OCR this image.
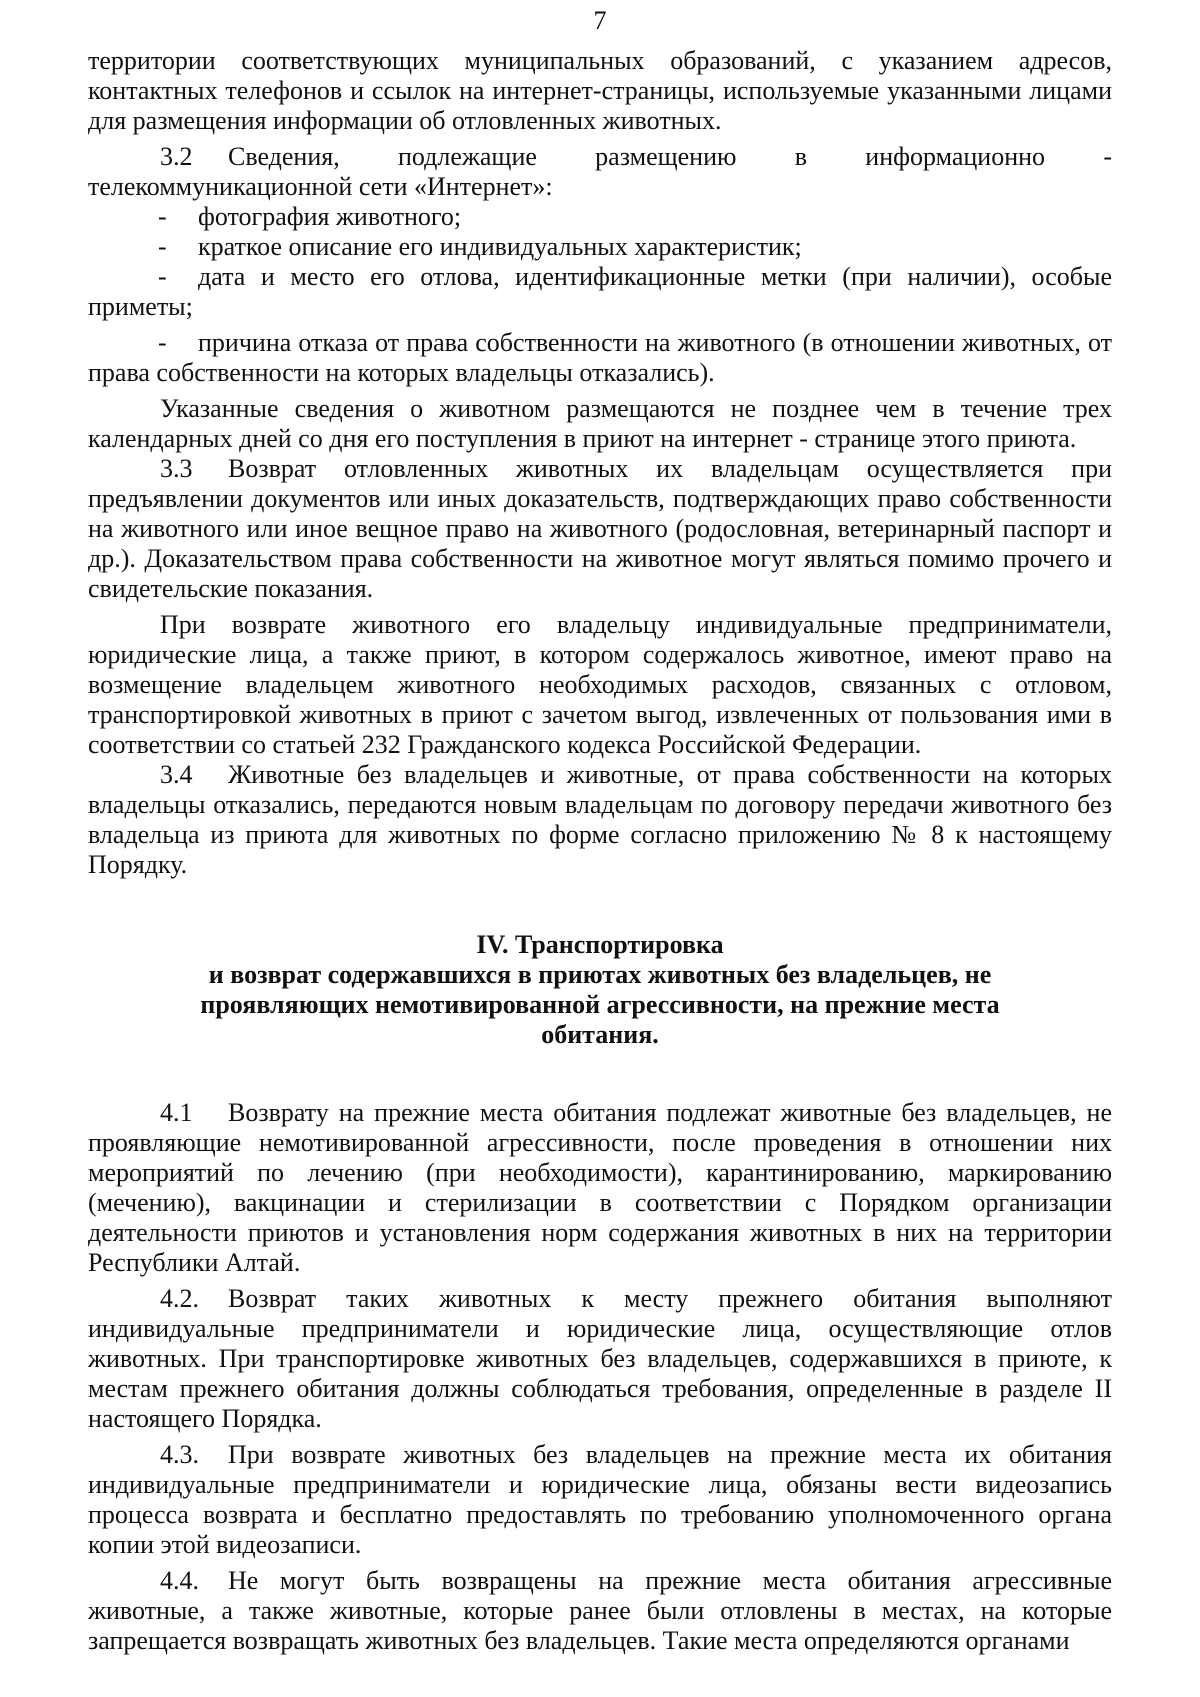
7

территории соответствующих муниципальных образований, с указанием адресов, контактных телефонов и ссылок на интернет-страницы, используемые указанными лицами для размещения информации об отловленных животных.

3.2 Сведения, подлежащие размещению в информационно - телекоммуникационной сети «Интернет»:

- фотография животного;

- краткое описание его индивидуальных характеристик;

- дата и место его отлова, идентификационные метки (при наличии), особые приметы;

- причина отказа от права собственности на животного (в отношении животных, от права собственности на которых владельцы отказались).

Указанные сведения о животном размещаются не позднее чем в течение трех календарных дней со дня его поступления в приют на интернет - странице этого приюта.

3.3 Возврат отловленных животных их владельцам осуществляется при предъявлении документов или иных доказательств, подтверждающих право собственности на животного или иное вещное право на животного (родословная, ветеринарный паспорт и др.). Доказательством права собственности на животное могут являться помимо прочего и свидетельские показания.

При возврате животного его владельцу индивидуальные предприниматели, юридические лица, а также приют, в котором содержалось животное, имеют право на возмещение владельцем животного необходимых расходов, связанных с отловом, транспортировкой животных в приют с зачетом выгод, извлеченных от пользования ими в соответствии со статьей 232 Гражданского кодекса Российской Федерации.

3.4 Животные без владельцев и животные, от права собственности на которых владельцы отказались, передаются новым владельцам по договору передачи животного без владельца из приюта для животных по форме согласно приложению № 8 к настоящему Порядку.

IV. Транспортировка

и возврат содержавшихся в приютах животных без владельцев, не

проявляющих немотивированной агрессивности, на прежние места

обитания.

4.1 Возврату на прежние места обитания подлежат животные без владельцев, не проявляющие немотивированной агрессивности, после проведения в отношении них мероприятий по лечению (при необходимости), карантинированию, маркированию (мечению), вакцинации и стерилизации в соответствии с Порядком организации деятельности приютов и установления норм содержания животных в них на территории Республики Алтай.

4.2. Возврат таких животных к месту прежнего обитания выполняют индивидуальные предприниматели и юридические лица, осуществляющие отлов животных. При транспортировке животных без владельцев, содержавшихся в приюте, к местам прежнего обитания должны соблюдаться требования, определенные в разделе II настоящего Порядка.

4.3. При возврате животных без владельцев на прежние места их обитания индивидуальные предприниматели и юридические лица, обязаны вести видеозапись процесса возврата и бесплатно предоставлять по требованию уполномоченного органа копии этой видеозаписи.

4.4. Не могут быть возвращены на прежние места обитания агрессивные животные, а также животные, которые ранее были отловлены в местах, на которые запрещается возвращать животных без владельцев. Такие места определяются органами
